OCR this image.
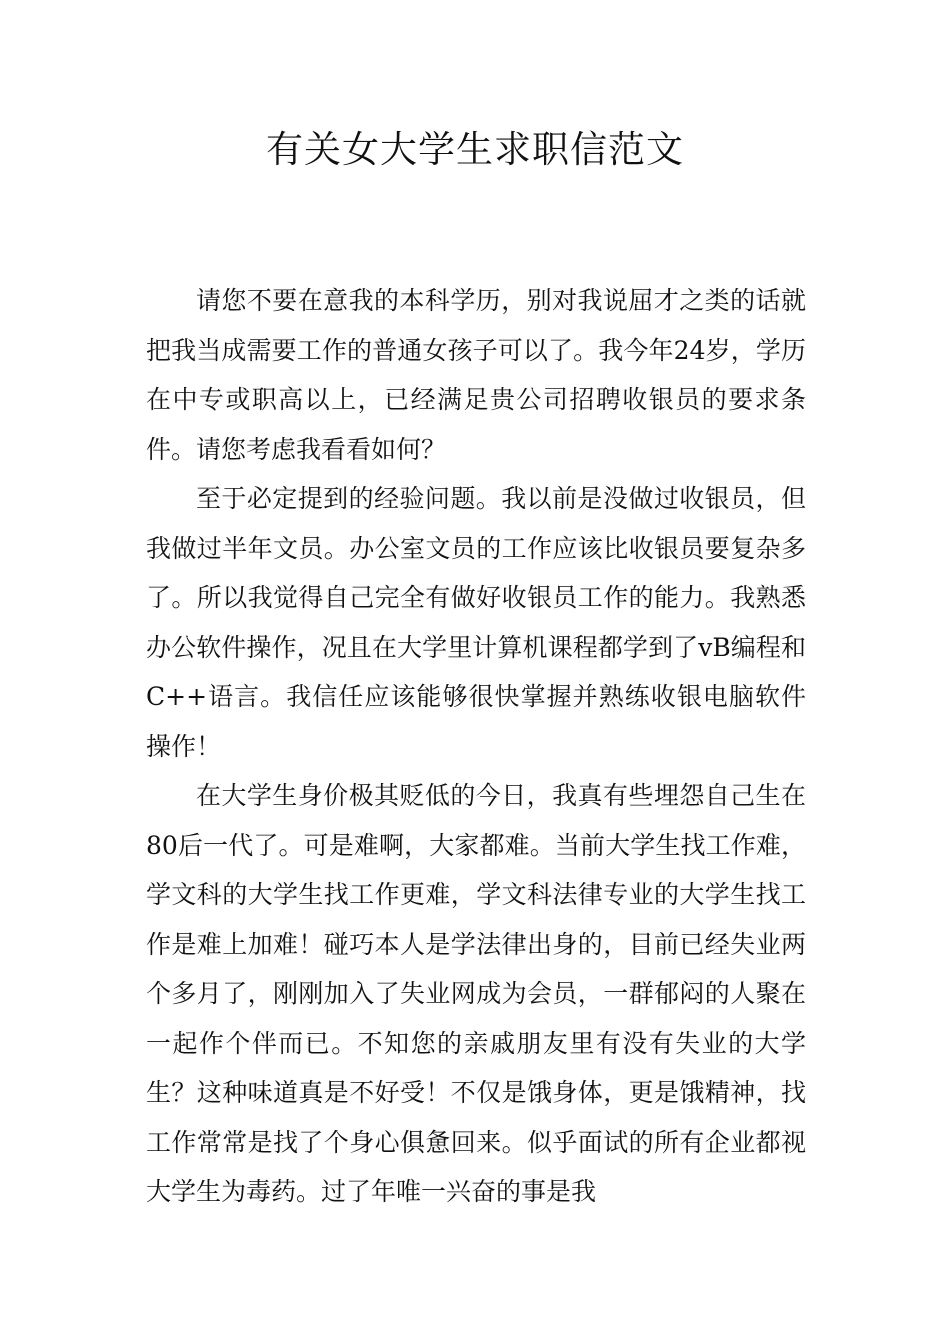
有关女大学生求职信范文

请您不要在意我的本科学历，别对我说屈才之类的话就把我当成需要工作的普通女孩子可以了。我今年24岁，学历在中专或职高以上，已经满足贵公司招聘收银员的要求条件。请您考虑我看看如何？

至于必定提到的经验问题。我以前是没做过收银员，但我做过半年文员。办公室文员的工作应该比收银员要复杂多了。所以我觉得自己完全有做好收银员工作的能力。我熟悉办公软件操作，况且在大学里计算机课程都学到了vB编程和C++语言。我信任应该能够很快掌握并熟练收银电脑软件操作！

在大学生身价极其贬低的今日，我真有些埋怨自己生在80后一代了。可是难啊，大家都难。当前大学生找工作难，学文科的大学生找工作更难，学文科法律专业的大学生找工作是难上加难！碰巧本人是学法律出身的，目前已经失业两个多月了，刚刚加入了失业网成为会员，一群郁闷的人聚在一起作个伴而已。不知您的亲戚朋友里有没有失业的大学生？这种味道真是不好受！不仅是饿身体，更是饿精神，找工作常常是找了个身心俱惫回来。似乎面试的所有企业都视大学生为毒药。过了年唯一兴奋的事是我
